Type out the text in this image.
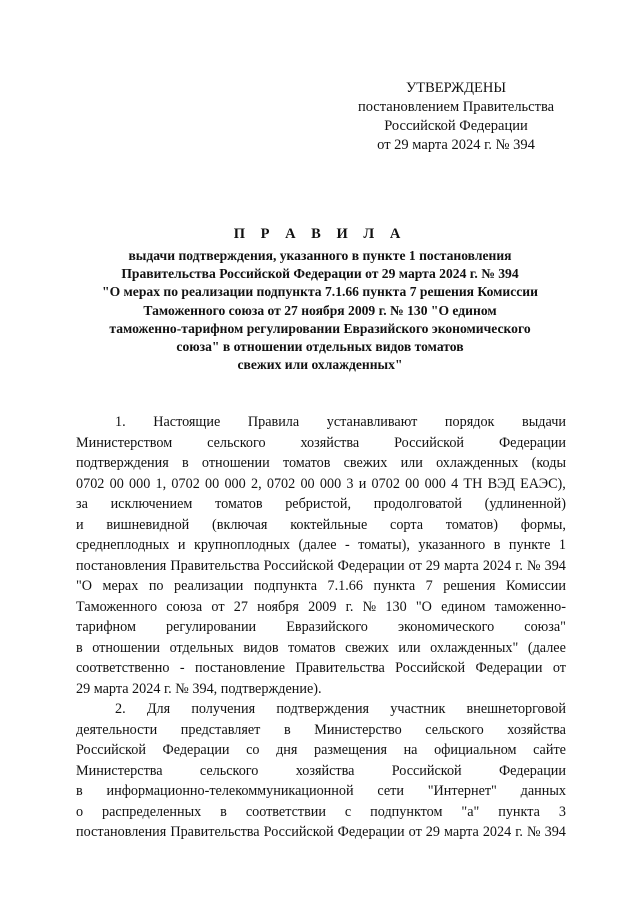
УТВЕРЖДЕНЫ
постановлением Правительства
Российской Федерации
от 29 марта 2024 г. № 394
П Р А В И Л А
выдачи подтверждения, указанного в пункте 1 постановления
Правительства Российской Федерации от 29 марта 2024 г. № 394
"О мерах по реализации подпункта 7.1.66 пункта 7 решения Комиссии
Таможенного союза от 27 ноября 2009 г. № 130 "О едином
таможенно-тарифном регулировании Евразийского экономического
союза" в отношении отдельных видов томатов
свежих или охлажденных"
1. Настоящие Правила устанавливают порядок выдачи
Министерством сельского хозяйства Российской Федерации
подтверждения в отношении томатов свежих или охлажденных (коды
0702 00 000 1, 0702 00 000 2, 0702 00 000 3 и 0702 00 000 4 ТН ВЭД ЕАЭС),
за исключением томатов ребристой, продолговатой (удлиненной)
и вишневидной (включая коктейльные сорта томатов) формы,
среднеплодных и крупноплодных (далее - томаты), указанного в пункте 1
постановления Правительства Российской Федерации от 29 марта 2024 г. № 394
"О мерах по реализации подпункта 7.1.66 пункта 7 решения Комиссии
Таможенного союза от 27 ноября 2009 г. № 130 "О едином таможенно-
тарифном регулировании Евразийского экономического союза"
в отношении отдельных видов томатов свежих или охлажденных" (далее
соответственно - постановление Правительства Российской Федерации от
29 марта 2024 г. № 394, подтверждение).
2. Для получения подтверждения участник внешнеторговой
деятельности представляет в Министерство сельского хозяйства
Российской Федерации со дня размещения на официальном сайте
Министерства	сельского	хозяйства	Российской	Федерации
в информационно-телекоммуникационной сети "Интернет" данных
о распределенных в соответствии с подпунктом "а" пункта 3
постановления Правительства Российской Федерации от 29 марта 2024 г. № 394
